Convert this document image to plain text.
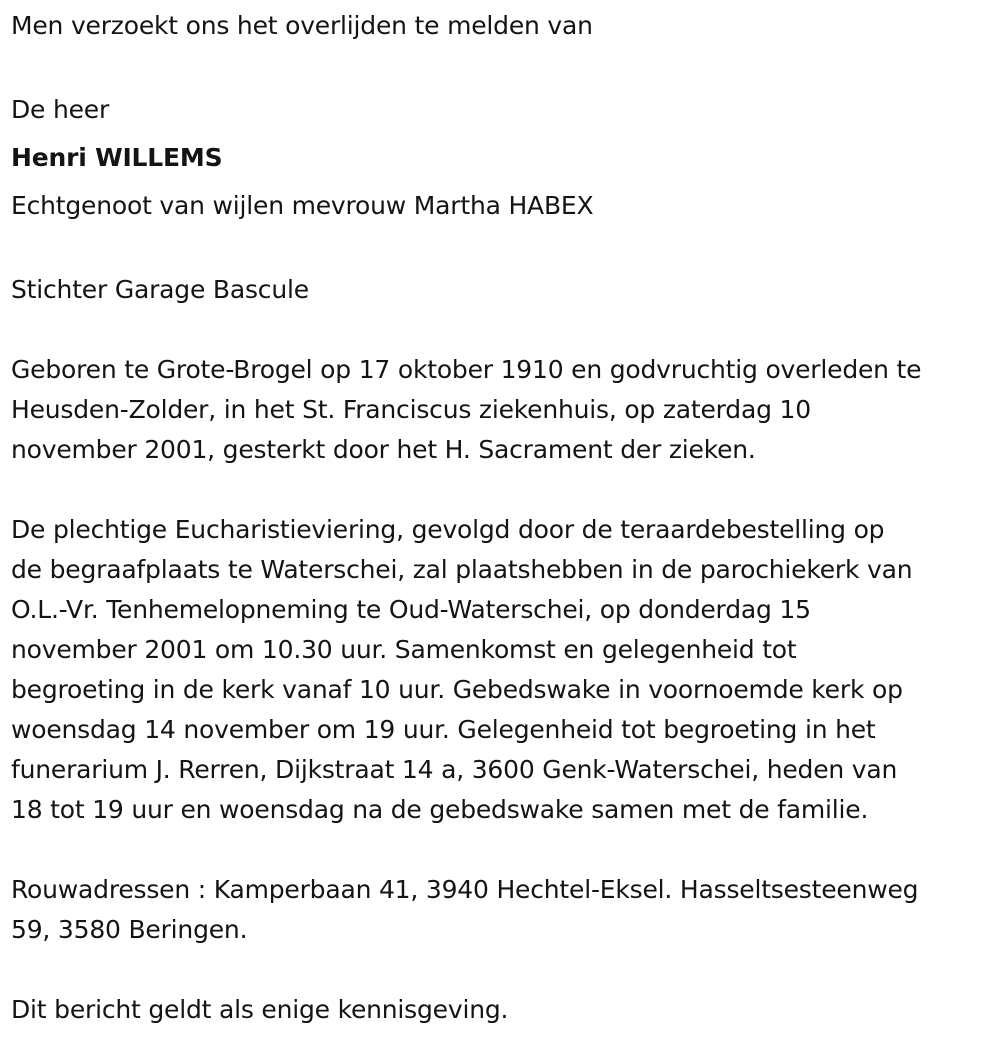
Men verzoekt ons het overlijden te melden van
De heer
Henri WILLEMS
Echtgenoot van wijlen mevrouw Martha HABEX
Stichter Garage Bascule
Geboren te Grote-Brogel op 17 oktober 1910 en godvruchtig overleden te
Heusden-Zolder, in het St. Franciscus ziekenhuis, op zaterdag 10
november 2001, gesterkt door het H. Sacrament der zieken.
De plechtige Eucharistieviering, gevolgd door de teraardebestelling op
de begraafplaats te Waterschei, zal plaatshebben in de parochiekerk van
O.L.-Vr. Tenhemelopneming te Oud-Waterschei, op donderdag 15
november 2001 om 10.30 uur. Samenkomst en gelegenheid tot
begroeting in de kerk vanaf 10 uur. Gebedswake in voornoemde kerk op
woensdag 14 november om 19 uur. Gelegenheid tot begroeting in het
funerarium J. Rerren, Dijkstraat 14 a, 3600 Genk-Waterschei, heden van
18 tot 19 uur en woensdag na de gebedswake samen met de familie.
Rouwadressen : Kamperbaan 41, 3940 Hechtel-Eksel. Hasseltsesteenweg
59, 3580 Beringen.
Dit bericht geldt als enige kennisgeving.
